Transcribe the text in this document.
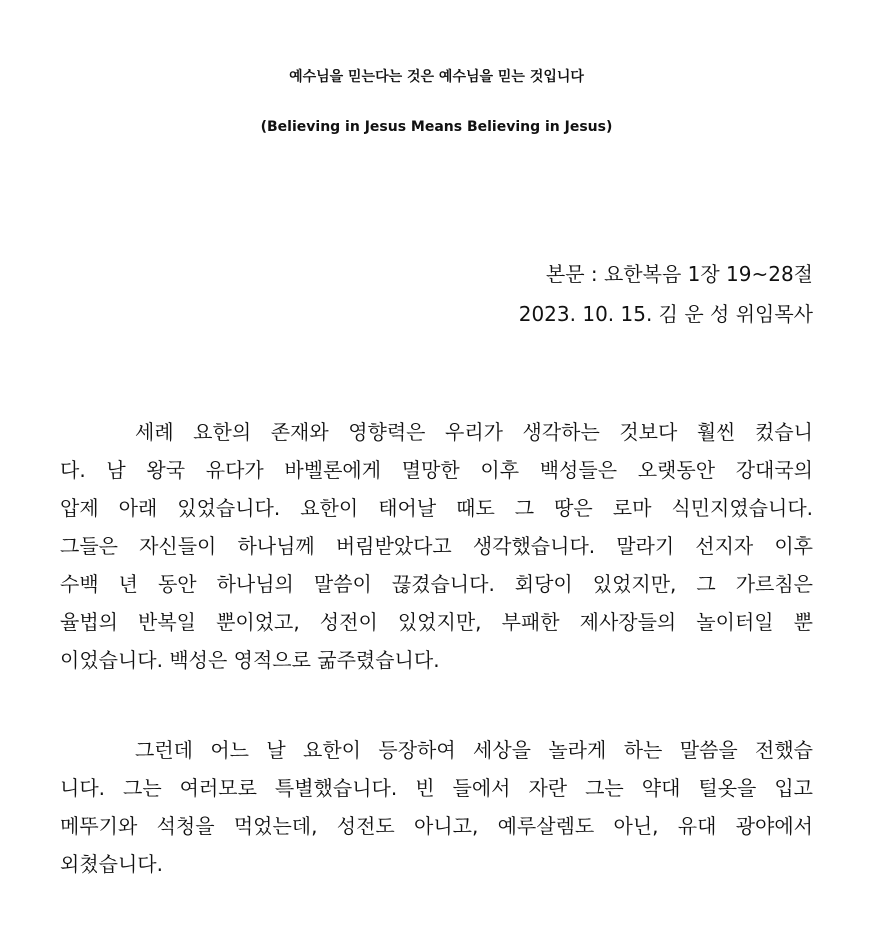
예수님을 믿는다는 것은 예수님을 믿는 것입니다
(Believing in Jesus Means Believing in Jesus)
본문 : 요한복음 1장 19~28절
2023. 10. 15. 김 운 성 위임목사
세례 요한의 존재와 영향력은 우리가 생각하는 것보다 훨씬 컸습니
다. 남 왕국 유다가 바벨론에게 멸망한 이후 백성들은 오랫동안 강대국의
압제 아래 있었습니다. 요한이 태어날 때도 그 땅은 로마 식민지였습니다.
그들은 자신들이 하나님께 버림받았다고 생각했습니다. 말라기 선지자 이후
수백 년 동안 하나님의 말씀이 끊겼습니다. 회당이 있었지만, 그 가르침은
율법의 반복일 뿐이었고, 성전이 있었지만, 부패한 제사장들의 놀이터일 뿐
이었습니다. 백성은 영적으로 굶주렸습니다.
그런데 어느 날 요한이 등장하여 세상을 놀라게 하는 말씀을 전했습
니다. 그는 여러모로 특별했습니다. 빈 들에서 자란 그는 약대 털옷을 입고
메뚜기와 석청을 먹었는데, 성전도 아니고, 예루살렘도 아닌, 유대 광야에서
외쳤습니다.
